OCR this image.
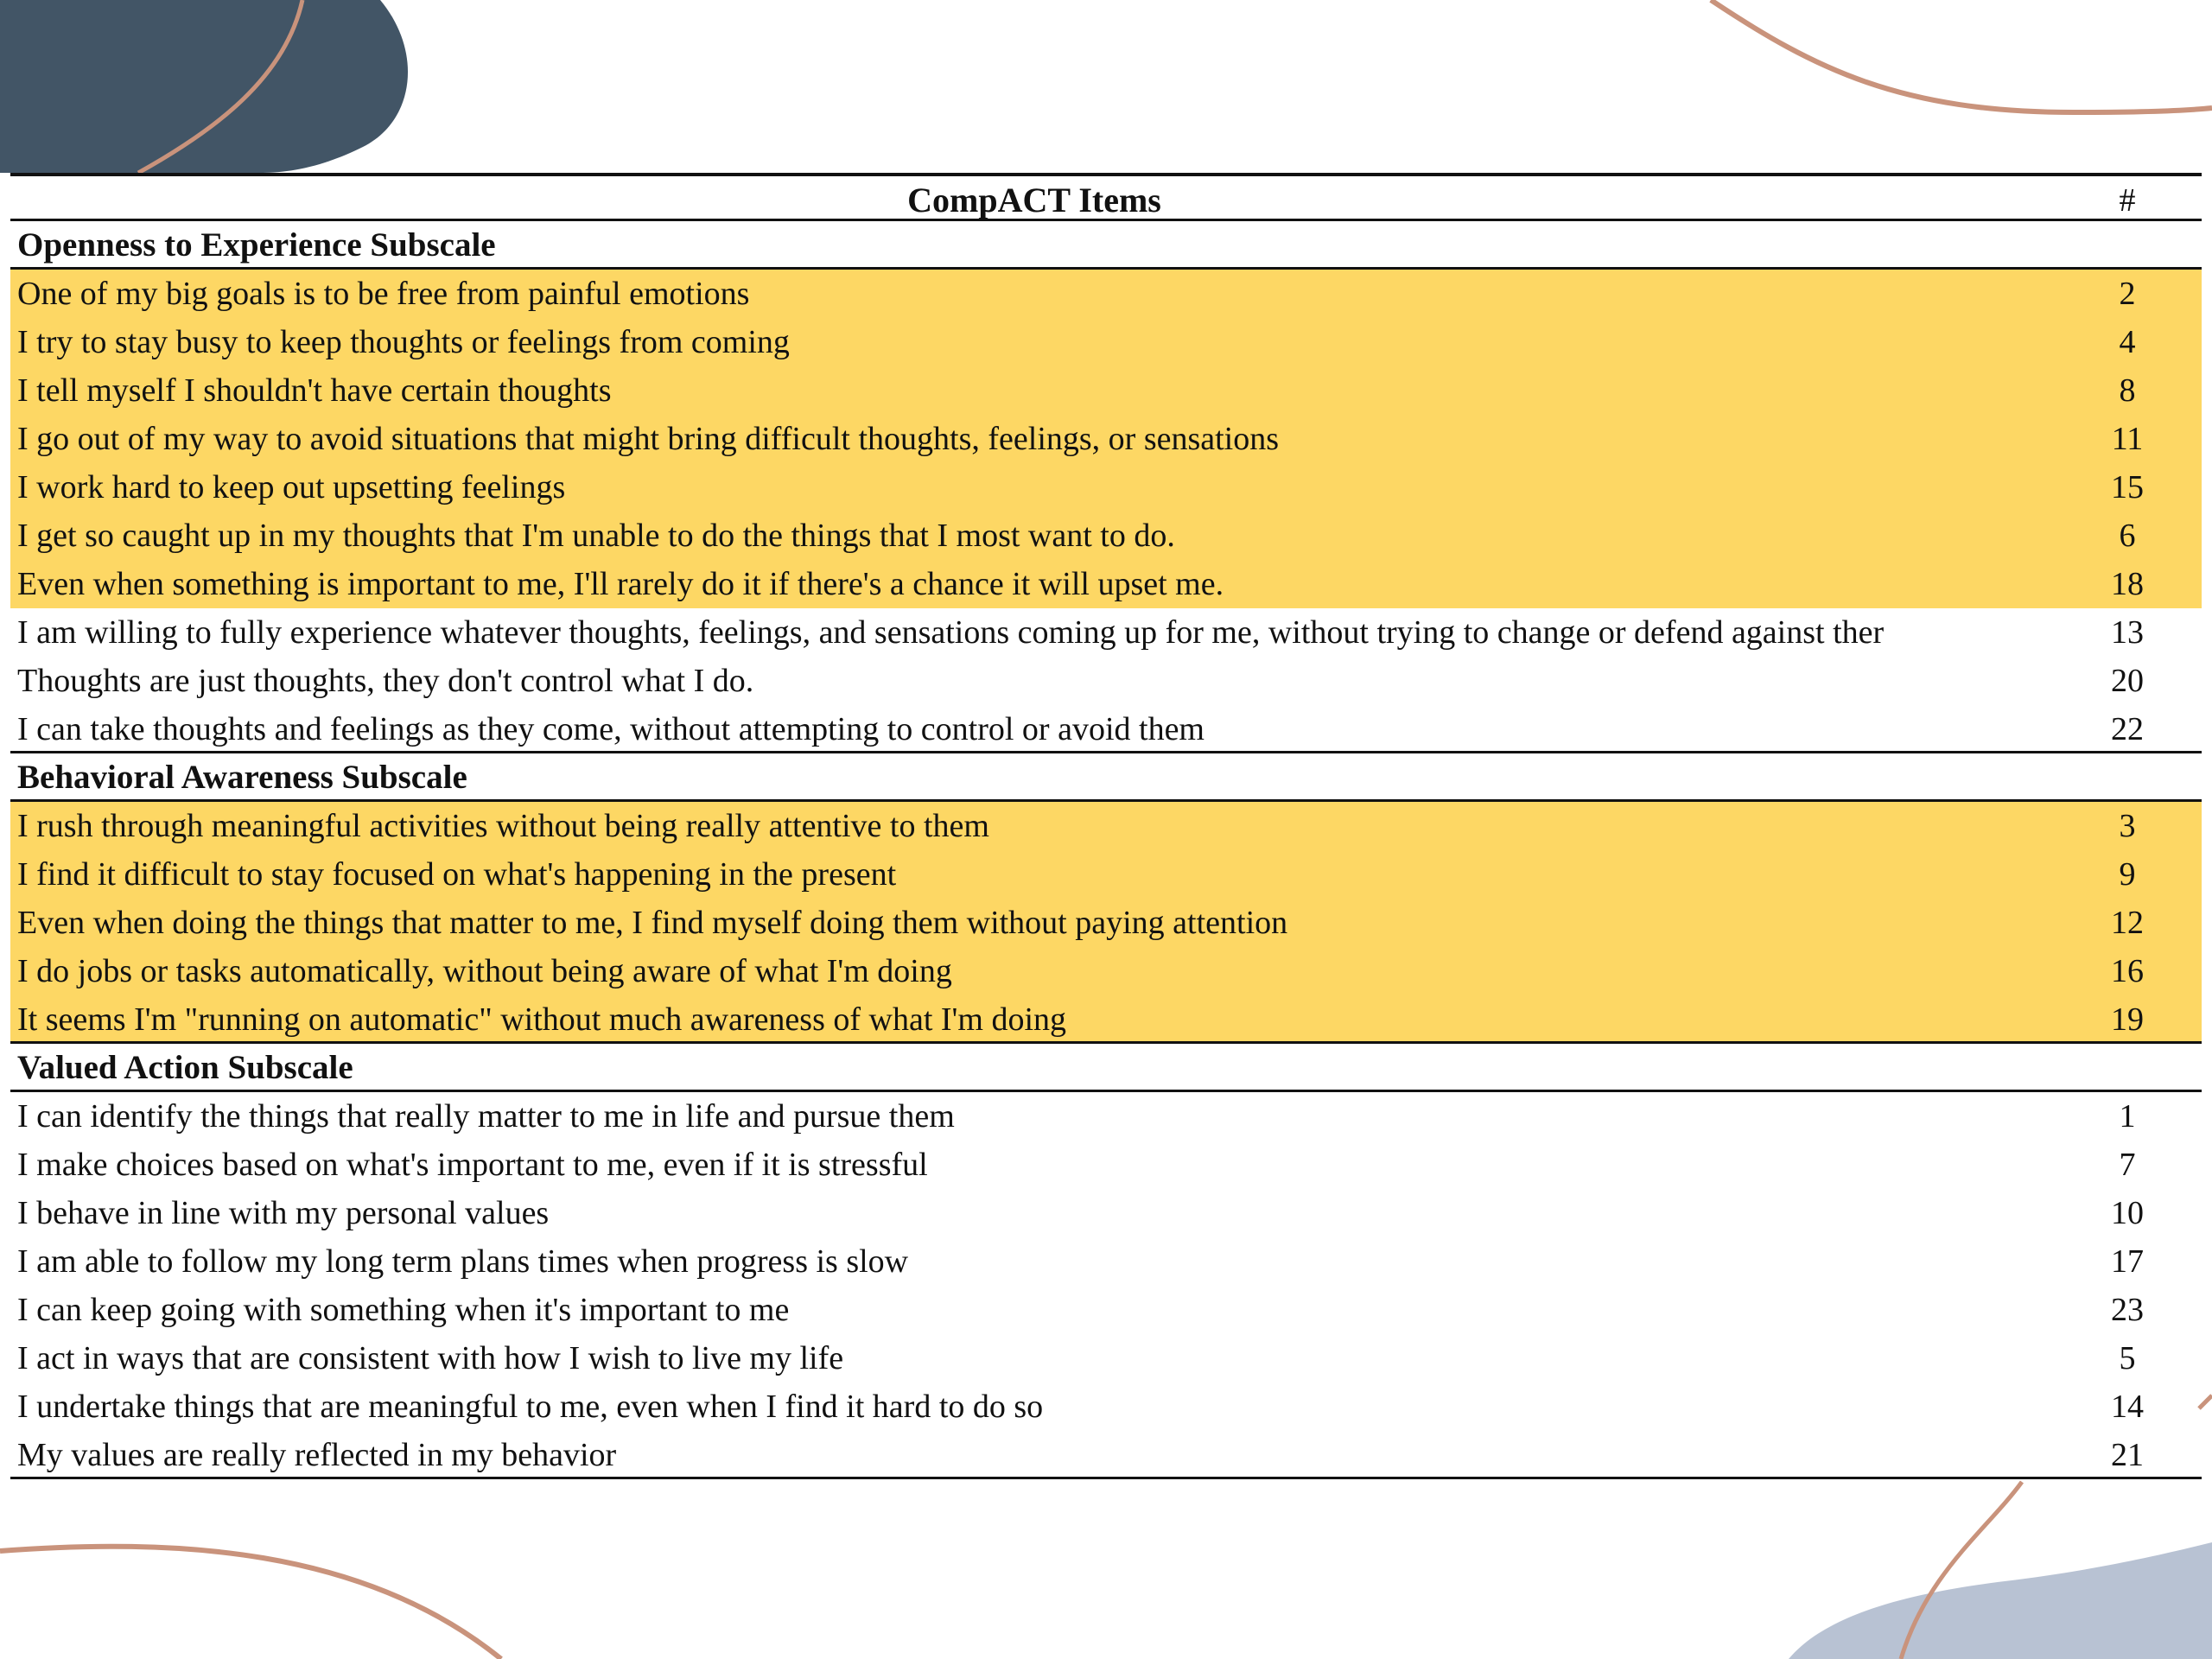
CompACT Items	#
Openness to Experience Subscale
One of my big goals is to be free from painful emotions	2
I try to stay busy to keep thoughts or feelings from coming	4
I tell myself I shouldn't have certain thoughts	8
I go out of my way to avoid situations that might bring difficult thoughts, feelings, or sensations	11
I work hard to keep out upsetting feelings	15
I get so caught up in my thoughts that I'm unable to do the things that I most want to do.	6
Even when something is important to me, I'll rarely do it if there's a chance it will upset me.	18
I am willing to fully experience whatever thoughts, feelings, and sensations coming up for me, without trying to change or defend against ther	13
Thoughts are just thoughts, they don't control what I do.	20
I can take thoughts and feelings as they come, without attempting to control or avoid them	22
Behavioral Awareness Subscale
I rush through meaningful activities without being really attentive to them	3
I find it difficult to stay focused on what's happening in the present	9
Even when doing the things that matter to me, I find myself doing them without paying attention	12
I do jobs or tasks automatically, without being aware of what I'm doing	16
It seems I'm "running on automatic" without much awareness of what I'm doing	19
Valued Action Subscale
I can identify the things that really matter to me in life and pursue them	1
I make choices based on what's important to me, even if it is stressful	7
I behave in line with my personal values	10
I am able to follow my long term plans times when progress is slow	17
I can keep going with something when it's important to me	23
I act in ways that are consistent with how I wish to live my life	5
I undertake things that are meaningful to me, even when I find it hard to do so	14
My values are really reflected in my behavior	21
